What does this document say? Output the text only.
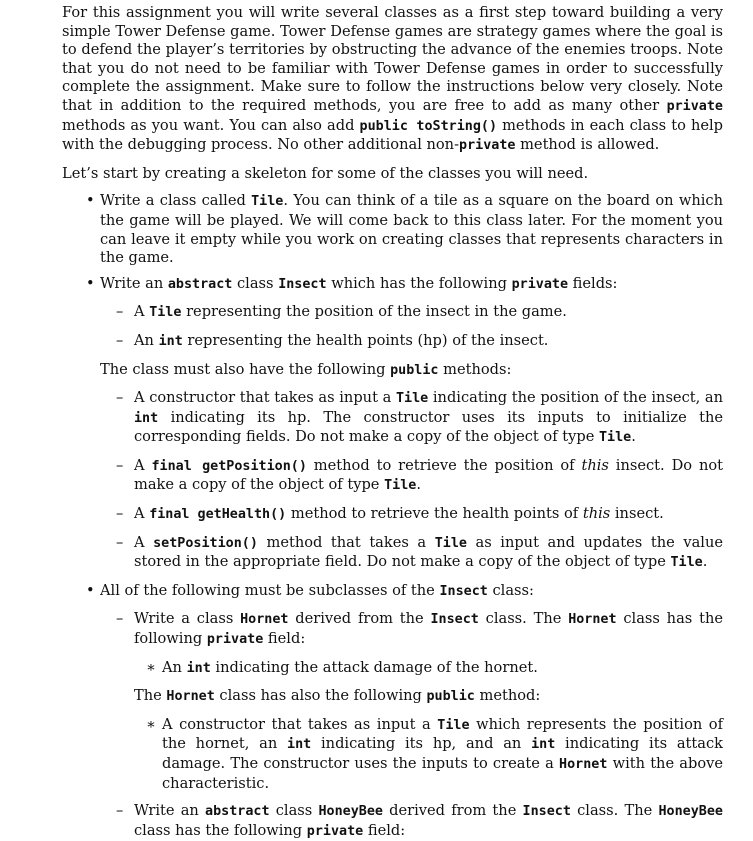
For this assignment you will write several classes as a first step toward building a very simple Tower Defense game. Tower Defense games are strategy games where the goal is to defend the player’s territories by obstructing the advance of the enemies troops. Note that you do not need to be familiar with Tower Defense games in order to successfully complete the assignment. Make sure to follow the instructions below very closely. Note that in addition to the required methods, you are free to add as many other private methods as you want. You can also add public toString() methods in each class to help with the debugging process. No other additional non-private method is allowed.

Let’s start by creating a skeleton for some of the classes you will need.

• Write a class called Tile. You can think of a tile as a square on the board on which the game will be played. We will come back to this class later. For the moment you can leave it empty while you work on creating classes that represents characters in the game.

• Write an abstract class Insect which has the following private fields:

– A Tile representing the position of the insect in the game.

– An int representing the health points (hp) of the insect.

The class must also have the following public methods:

– A constructor that takes as input a Tile indicating the position of the insect, an int indicating its hp. The constructor uses its inputs to initialize the corresponding fields. Do not make a copy of the object of type Tile.

– A final getPosition() method to retrieve the position of this insect. Do not make a copy of the object of type Tile.

– A final getHealth() method to retrieve the health points of this insect.

– A setPosition() method that takes a Tile as input and updates the value stored in the appropriate field. Do not make a copy of the object of type Tile.

• All of the following must be subclasses of the Insect class:

– Write a class Hornet derived from the Insect class. The Hornet class has the following private field:

∗ An int indicating the attack damage of the hornet.

The Hornet class has also the following public method:

∗ A constructor that takes as input a Tile which represents the position of the hornet, an int indicating its hp, and an int indicating its attack damage. The constructor uses the inputs to create a Hornet with the above characteristic.

– Write an abstract class HoneyBee derived from the Insect class. The HoneyBee class has the following private field:
